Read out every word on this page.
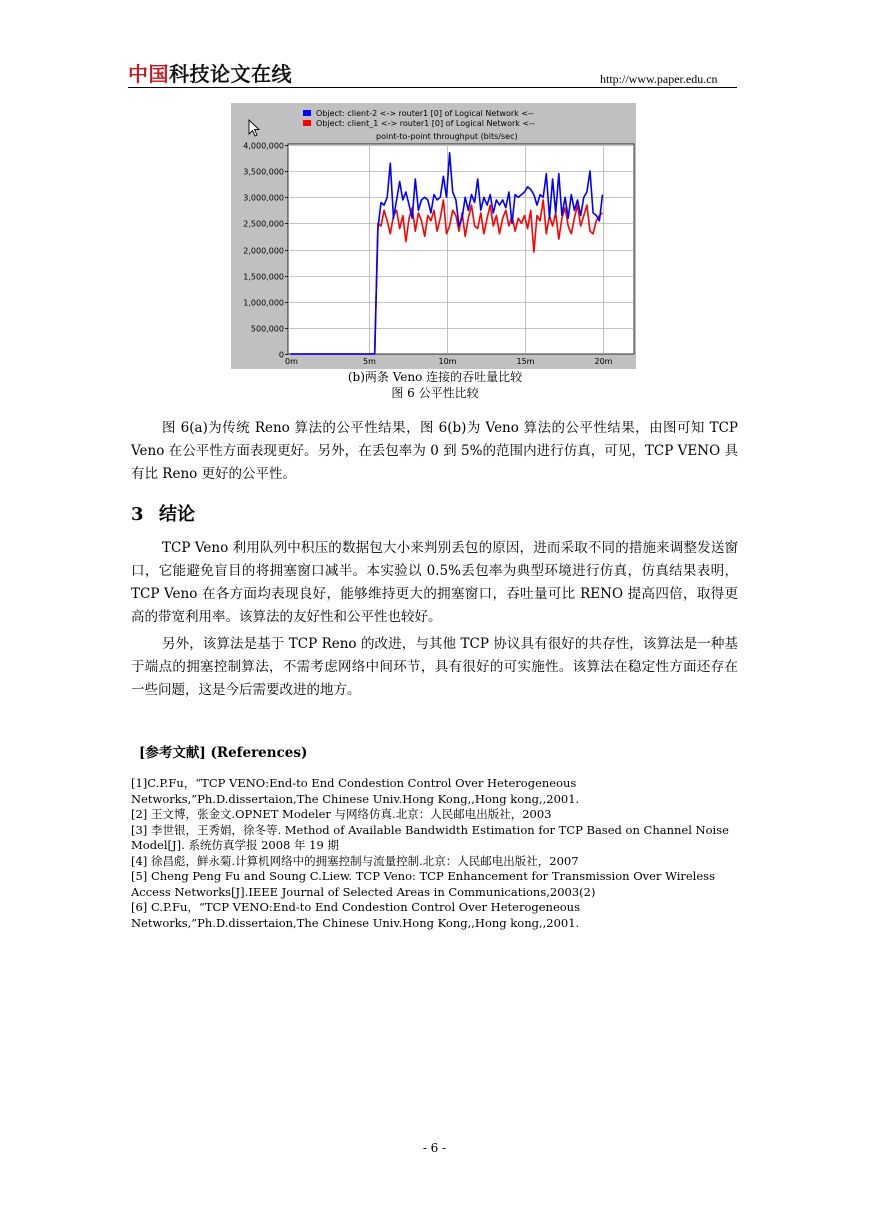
中国科技论文在线	http://www.paper.edu.cn
Object: client-2 <-> router1 [0] of Logical Network <--
Object: client_1 <-> router1 [0] of Logical Network <--
point-to-point throughput (bits/sec)
0
500,000
1,000,000
1,500,000
2,000,000
2,500,000
3,000,000
3,500,000
4,000,000
0m	5m	10m	15m	20m
(b)两条 Veno 连接的吞吐量比较
图 6 公平性比较
图 6(a)为传统 Reno 算法的公平性结果，图 6(b)为 Veno 算法的公平性结果，由图可知 TCP Veno 在公平性方面表现更好。另外，在丢包率为 0 到 5%的范围内进行仿真，可见，TCP VENO 具有比 Reno 更好的公平性。
3 结论
TCP Veno 利用队列中积压的数据包大小来判别丢包的原因，进而采取不同的措施来调整发送窗口，它能避免盲目的将拥塞窗口减半。本实验以 0.5%丢包率为典型环境进行仿真，仿真结果表明，TCP Veno 在各方面均表现良好，能够维持更大的拥塞窗口，吞吐量可比 RENO 提高四倍，取得更高的带宽利用率。该算法的友好性和公平性也较好。
另外，该算法是基于 TCP Reno 的改进，与其他 TCP 协议具有很好的共存性，该算法是一种基于端点的拥塞控制算法，不需考虑网络中间环节，具有很好的可实施性。该算法在稳定性方面还存在一些问题，这是今后需要改进的地方。
[参考文献] (References)
[1]C.P.Fu，“TCP VENO:End-to End Condestion Control Over Heterogeneous Networks,”Ph.D.dissertaion,The Chinese Univ.Hong Kong,,Hong kong,,2001.
[2] 王文博，张金文.OPNET Modeler 与网络仿真.北京：人民邮电出版社，2003
[3] 李世银，王秀娟，徐冬等. Method of Available Bandwidth Estimation for TCP Based on Channel Noise Model[J]. 系统仿真学报 2008 年 19 期
[4] 徐昌彪，鲜永菊.计算机网络中的拥塞控制与流量控制.北京：人民邮电出版社，2007
[5] Cheng Peng Fu and Soung C.Liew. TCP Veno: TCP Enhancement for Transmission Over Wireless Access Networks[J].IEEE Journal of Selected Areas in Communications,2003(2)
[6] C.P.Fu，“TCP VENO:End-to End Condestion Control Over Heterogeneous Networks,”Ph.D.dissertaion,The Chinese Univ.Hong Kong,,Hong kong,,2001.
- 6 -
